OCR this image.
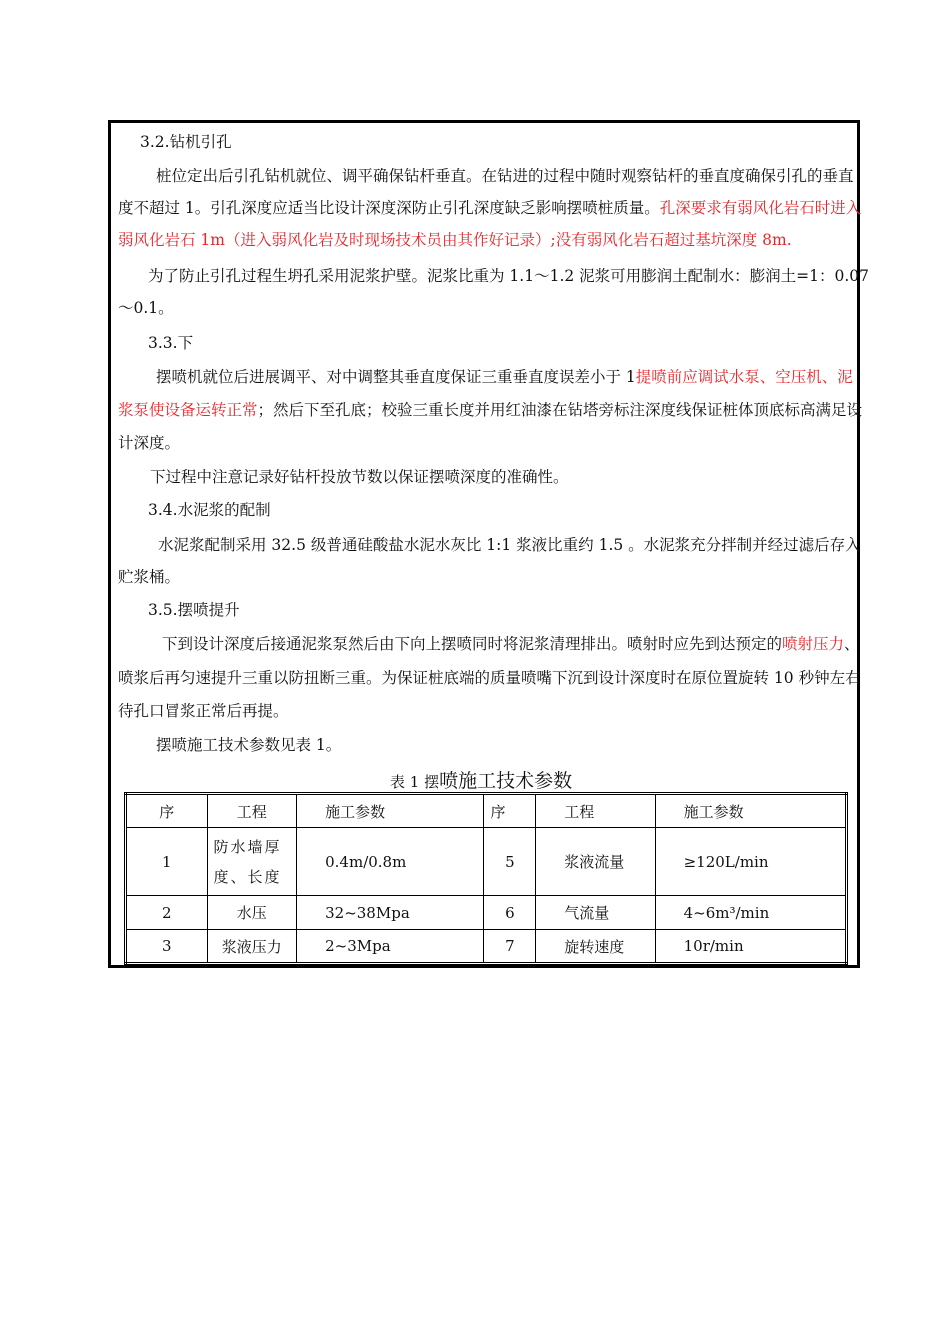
3.2.钻机引孔
桩位定出后引孔钻机就位、调平确保钻杆垂直。在钻进的过程中随时观察钻杆的垂直度确保引孔的垂直
度不超过 1。引孔深度应适当比设计深度深防止引孔深度缺乏影响摆喷桩质量。孔深要求有弱风化岩石时进入
弱风化岩石 1m（进入弱风化岩及时现场技术员由其作好记录）;没有弱风化岩石超过基坑深度 8m.
为了防止引孔过程生坍孔采用泥浆护壁。泥浆比重为 1.1～1.2 泥浆可用膨润土配制水：膨润土=1：0.07
～0.1。
3.3.下
摆喷机就位后进展调平、对中调整其垂直度保证三重垂直度误差小于 1提喷前应调试水泵、空压机、泥
浆泵使设备运转正常；然后下至孔底；校验三重长度并用红油漆在钻塔旁标注深度线保证桩体顶底标高满足设
计深度。
下过程中注意记录好钻杆投放节数以保证摆喷深度的准确性。
3.4.水泥浆的配制
水泥浆配制采用 32.5 级普通硅酸盐水泥水灰比 1:1 浆液比重约 1.5 。水泥浆充分拌制并经过滤后存入
贮浆桶。
3.5.摆喷提升
下到设计深度后接通泥浆泵然后由下向上摆喷同时将泥浆清理排出。喷射时应先到达预定的喷射压力、
喷浆后再匀速提升三重以防扭断三重。为保证桩底端的质量喷嘴下沉到设计深度时在原位置旋转 10 秒钟左右
待孔口冒浆正常后再提。
摆喷施工技术参数见表 1。
表 1 摆喷施工技术参数
序	工程	施工参数	序	工程	施工参数
1	防水墙厚度、长度	0.4m/0.8m	5	浆液流量	≥120L/min
2	水压	32~38Mpa	6	气流量	4~6m³/min
3	浆液压力	2~3Mpa	7	旋转速度	10r/min
